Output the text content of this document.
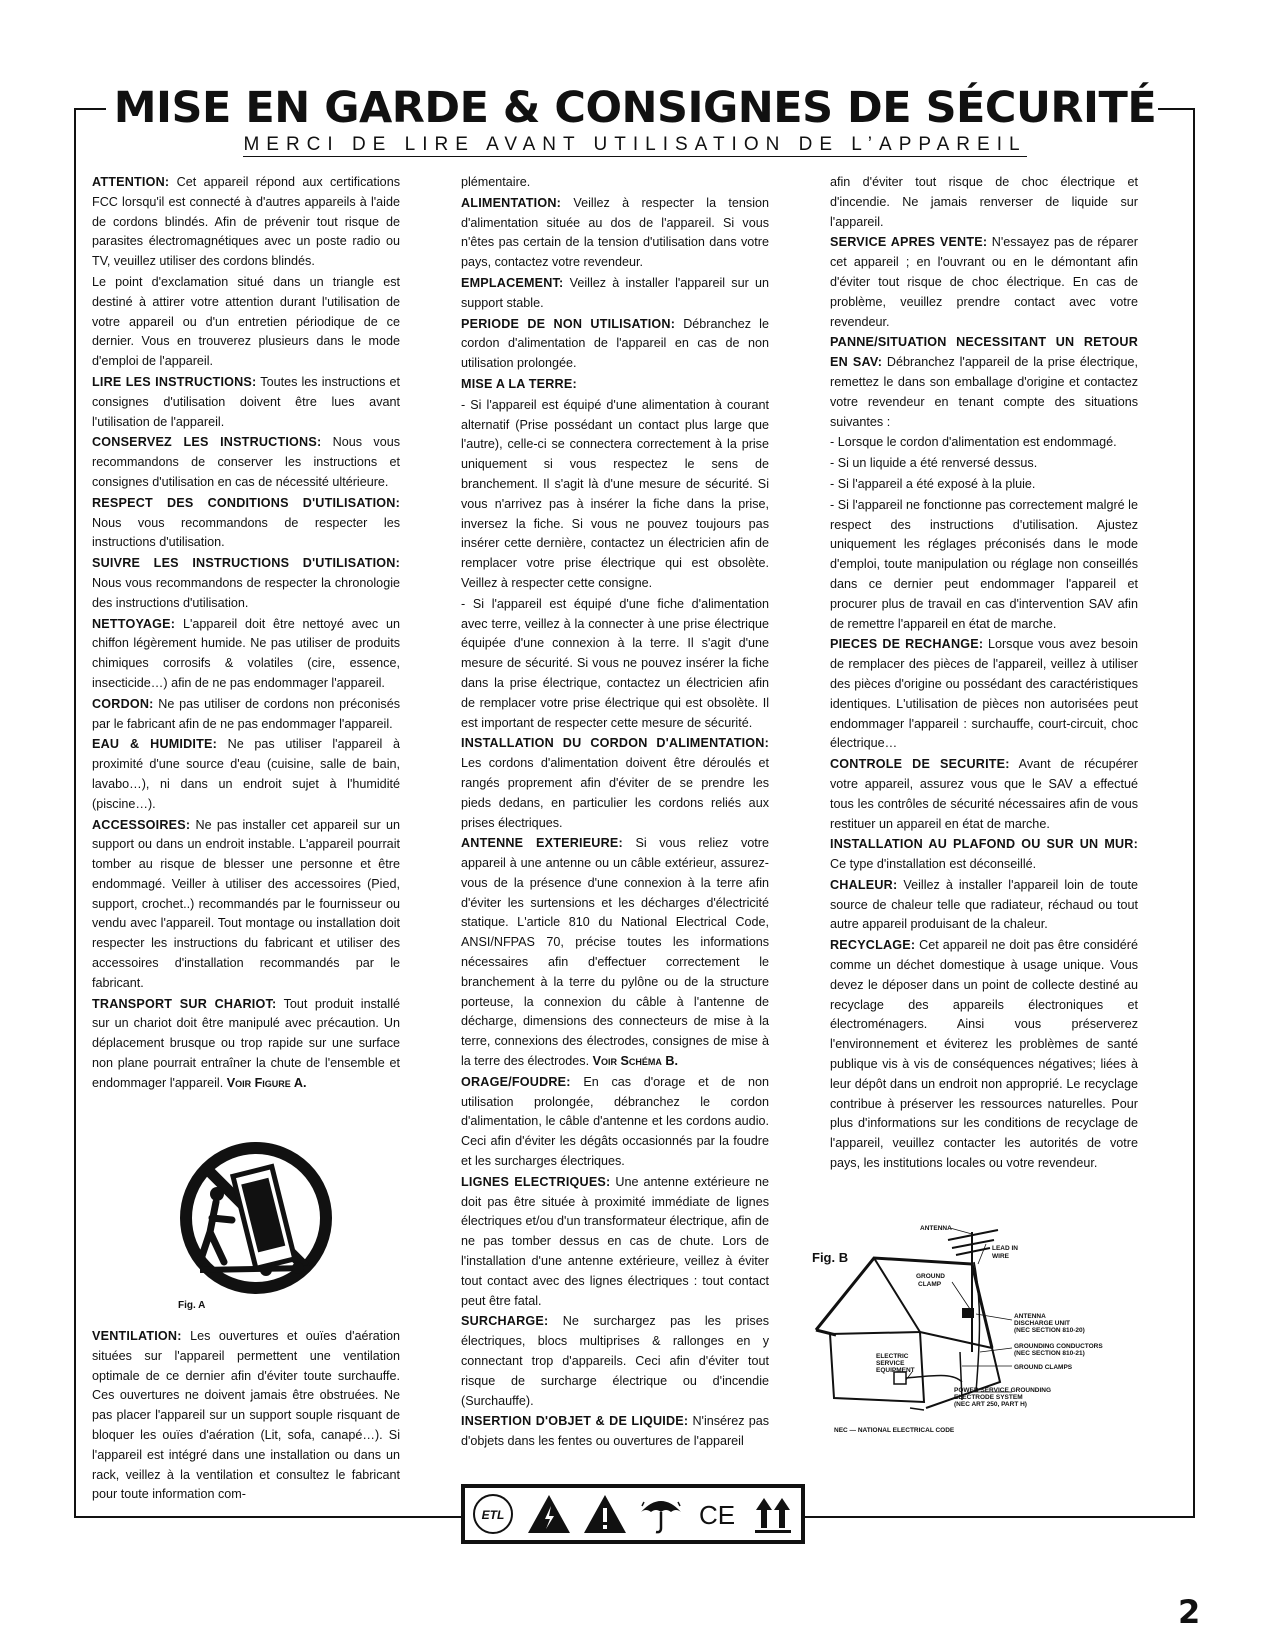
MISE EN GARDE & CONSIGNES DE SÉCURITÉ
MERCI DE LIRE AVANT UTILISATION DE L’APPAREIL

ATTENTION: Cet appareil répond aux certifications FCC lorsqu'il est connecté à d'autres appareils à l'aide de cordons blindés. Afin de prévenir tout risque de parasites électromagnétiques avec un poste radio ou TV, veuillez utiliser des cordons blindés.

Le point d'exclamation situé dans un triangle est destiné à attirer votre attention durant l'utilisation de votre appareil ou d'un entretien périodique de ce dernier. Vous en trouverez plusieurs dans le mode d'emploi de l'appareil.

LIRE LES INSTRUCTIONS: Toutes les instructions et consignes d'utilisation doivent être lues avant l'utilisation de l'appareil.

CONSERVEZ LES INSTRUCTIONS: Nous vous recommandons de conserver les instructions et consignes d'utilisation en cas de nécessité ultérieure.

RESPECT DES CONDITIONS D'UTILISATION: Nous vous recommandons de respecter les instructions d'utilisation.

SUIVRE LES INSTRUCTIONS D'UTILISATION: Nous vous recommandons de respecter la chronologie des instructions d'utilisation.

NETTOYAGE: L'appareil doit être nettoyé avec un chiffon légèrement humide. Ne pas utiliser de produits chimiques corrosifs & volatiles (cire, essence, insecticide…) afin de ne pas endommager l'appareil.

CORDON: Ne pas utiliser de cordons non préconisés par le fabricant afin de ne pas endommager l'appareil.

EAU & HUMIDITE: Ne pas utiliser l'appareil à proximité d'une source d'eau (cuisine, salle de bain, lavabo…), ni dans un endroit sujet à l'humidité (piscine…).

ACCESSOIRES: Ne pas installer cet appareil sur un support ou dans un endroit instable. L'appareil pourrait tomber au risque de blesser une personne et être endommagé. Veiller à utiliser des accessoires (Pied, support, crochet..) recommandés par le fournisseur ou vendu avec l'appareil. Tout montage ou installation doit respecter les instructions du fabricant et utiliser des accessoires d'installation recommandés par le fabricant.

TRANSPORT SUR CHARIOT: Tout produit installé sur un chariot doit être manipulé avec précaution. Un déplacement brusque ou trop rapide sur une surface non plane pourrait entraîner la chute de l'ensemble et endommager l'appareil. Voir Figure A.

VENTILATION: Les ouvertures et ouïes d'aération situées sur l'appareil permettent une ventilation optimale de ce dernier afin d'éviter toute surchauffe. Ces ouvertures ne doivent jamais être obstruées. Ne pas placer l'appareil sur un support souple risquant de bloquer les ouïes d'aération (Lit, sofa, canapé…). Si l'appareil est intégré dans une installation ou dans un rack, veillez à la ventilation et consultez le fabricant pour toute information com-

plémentaire.

ALIMENTATION: Veillez à respecter la tension d'alimentation située au dos de l'appareil. Si vous n'êtes pas certain de la tension d'utilisation dans votre pays, contactez votre revendeur.

EMPLACEMENT: Veillez à installer l'appareil sur un support stable.

PERIODE DE NON UTILISATION: Débranchez le cordon d'alimentation de l'appareil en cas de non utilisation prolongée.

MISE A LA TERRE:

- Si l'appareil est équipé d'une alimentation à courant alternatif (Prise possédant un contact plus large que l'autre), celle-ci se connectera correctement à la prise uniquement si vous respectez le sens de branchement. Il s'agit là d'une mesure de sécurité. Si vous n'arrivez pas à insérer la fiche dans la prise, inversez la fiche. Si vous ne pouvez toujours pas insérer cette dernière, contactez un électricien afin de remplacer votre prise électrique qui est obsolète. Veillez à respecter cette consigne.

- Si l'appareil est équipé d'une fiche d'alimentation avec terre, veillez à la connecter à une prise électrique équipée d'une connexion à la terre. Il s'agit d'une mesure de sécurité. Si vous ne pouvez insérer la fiche dans la prise électrique, contactez un électricien afin de remplacer votre prise électrique qui est obsolète. Il est important de respecter cette mesure de sécurité.

INSTALLATION DU CORDON D'ALIMENTATION: Les cordons d'alimentation doivent être déroulés et rangés proprement afin d'éviter de se prendre les pieds dedans, en particulier les cordons reliés aux prises électriques.

ANTENNE EXTERIEURE: Si vous reliez votre appareil à une antenne ou un câble extérieur, assurez-vous de la présence d'une connexion à la terre afin d'éviter les surtensions et les décharges d'électricité statique. L'article 810 du National Electrical Code, ANSI/NFPAS 70, précise toutes les informations nécessaires afin d'effectuer correctement le branchement à la terre du pylône ou de la structure porteuse, la connexion du câble à l'antenne de décharge, dimensions des connecteurs de mise à la terre, connexions des électrodes, consignes de mise à la terre des électrodes. Voir Schéma B.

ORAGE/FOUDRE: En cas d'orage et de non utilisation prolongée, débranchez le cordon d'alimentation, le câble d'antenne et les cordons audio. Ceci afin d'éviter les dégâts occasionnés par la foudre et les surcharges électriques.

LIGNES ELECTRIQUES: Une antenne extérieure ne doit pas être située à proximité immédiate de lignes électriques et/ou d'un transformateur électrique, afin de ne pas tomber dessus en cas de chute. Lors de l'installation d'une antenne extérieure, veillez à éviter tout contact avec des lignes électriques : tout contact peut être fatal.

SURCHARGE: Ne surchargez pas les prises électriques, blocs multiprises & rallonges en y connectant trop d'appareils. Ceci afin d'éviter tout risque de surcharge électrique ou d'incendie (Surchauffe).

INSERTION D'OBJET & DE LIQUIDE: N'insérez pas d'objets dans les fentes ou ouvertures de l'appareil

afin d'éviter tout risque de choc électrique et d'incendie. Ne jamais renverser de liquide sur l'appareil.

SERVICE APRES VENTE: N'essayez pas de réparer cet appareil ; en l'ouvrant ou en le démontant afin d'éviter tout risque de choc électrique. En cas de problème, veuillez prendre contact avec votre revendeur.

PANNE/SITUATION NECESSITANT UN RETOUR EN SAV: Débranchez l'appareil de la prise électrique, remettez le dans son emballage d'origine et contactez votre revendeur en tenant compte des situations suivantes :

- Lorsque le cordon d'alimentation est endommagé.

- Si un liquide a été renversé dessus.

- Si l'appareil a été exposé à la pluie.

- Si l'appareil ne fonctionne pas correctement malgré le respect des instructions d'utilisation. Ajustez uniquement les réglages préconisés dans le mode d'emploi, toute manipulation ou réglage non conseillés dans ce dernier peut endommager l'appareil et procurer plus de travail en cas d'intervention SAV afin de remettre l'appareil en état de marche.

PIECES DE RECHANGE: Lorsque vous avez besoin de remplacer des pièces de l'appareil, veillez à utiliser des pièces d'origine ou possédant des caractéristiques identiques. L'utilisation de pièces non autorisées peut endommager l'appareil : surchauffe, court-circuit, choc électrique…

CONTROLE DE SECURITE: Avant de récupérer votre appareil, assurez vous que le SAV a effectué tous les contrôles de sécurité nécessaires afin de vous restituer un appareil en état de marche.

INSTALLATION AU PLAFOND OU SUR UN MUR: Ce type d'installation est déconseillé.

CHALEUR: Veillez à installer l'appareil loin de toute source de chaleur telle que radiateur, réchaud ou tout autre appareil produisant de la chaleur.

RECYCLAGE: Cet appareil ne doit pas être considéré comme un déchet domestique à usage unique. Vous devez le déposer dans un point de collecte destiné au recyclage des appareils électroniques et électroménagers. Ainsi vous préserverez l'environnement et éviterez les problèmes de santé publique vis à vis de conséquences négatives; liées à leur dépôt dans un endroit non approprié. Le recyclage contribue à préserver les ressources naturelles. Pour plus d'informations sur les conditions de recyclage de l'appareil, veuillez contacter les autorités de votre pays, les institutions locales ou votre revendeur.

Fig. A
Fig. B
ANTENNA
LEAD IN
WIRE
GROUND
CLAMP
ANTENNA
DISCHARGE UNIT
(NEC SECTION 810-20)
ELECTRIC
SERVICE
EQUIPMENT
GROUNDING CONDUCTORS
(NEC SECTION 810-21)
GROUND CLAMPS
POWER SERVICE GROUNDING
ELECTRODE SYSTEM
(NEC ART 250, PART H)
NEC — NATIONAL ELECTRICAL CODE
ETL	CE
2
